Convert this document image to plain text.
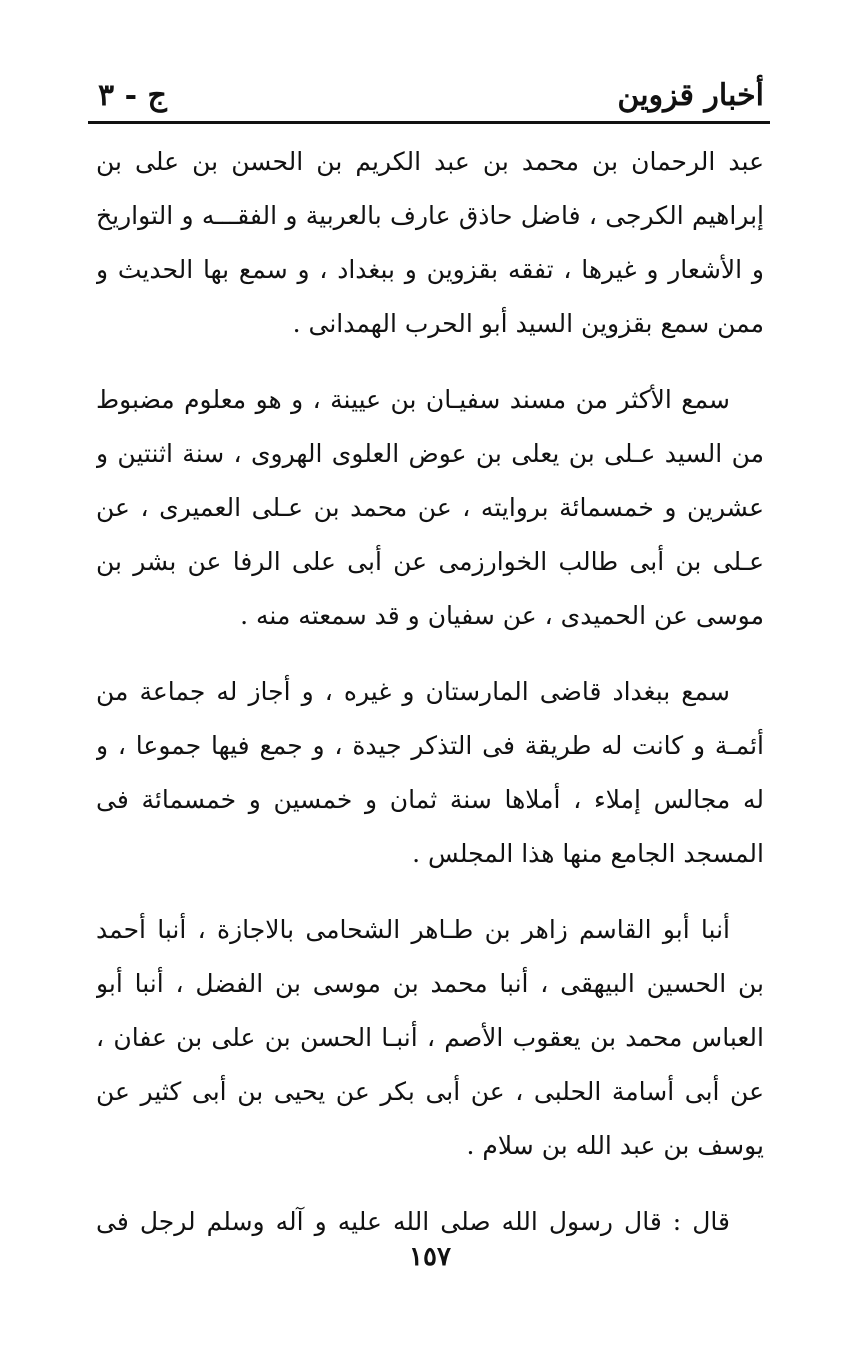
أخبار قزوين
ج - ٣

عبد الرحمان بن محمد بن عبد الكريم بن الحسن بن على بن إبراهيم الكرجى ، فاضل حاذق عارف بالعربية و الفقـــه و التواريخ و الأشعار و غيرها ، تفقه بقزوين و ببغداد ، و سمع بها الحديث و ممن سمع بقزوين السيد أبو الحرب الهمدانى .

سمع الأكثر من مسند سفيـان بن عيينة ، و هو معلوم مضبوط من السيد عـلى بن يعلى بن عوض العلوى الهروى ، سنة اثنتين و عشرين و خمسمائة بروايته ، عن محمد بن عـلى العميرى ، عن عـلى بن أبى طالب الخوارزمى عن أبى على الرفا عن بشر بن موسى عن الحميدى ، عن سفيان و قد سمعته منه .

سمع ببغداد قاضى المارستان و غيره ، و أجاز له جماعة من أئمـة و كانت له طريقة فى التذكر جيدة ، و جمع فيها جموعا ، و له مجالس إملاء ، أملاها سنة ثمان و خمسين و خمسمائة فى المسجد الجامع منها هذا المجلس .

أنبا أبو القاسم زاهر بن طـاهر الشحامى بالاجازة ، أنبا أحمد بن الحسين البيهقى ، أنبا محمد بن موسى بن الفضل ، أنبا أبو العباس محمد بن يعقوب الأصم ، أنبـا الحسن بن على بن عفان ، عن أبى أسامة الحلبى ، عن أبى بكر عن يحيى بن أبى كثير عن يوسف بن عبد الله بن سلام .

قال : قال رسول الله صلى الله عليه و آله وسلم لرجل فى

١٥٧
